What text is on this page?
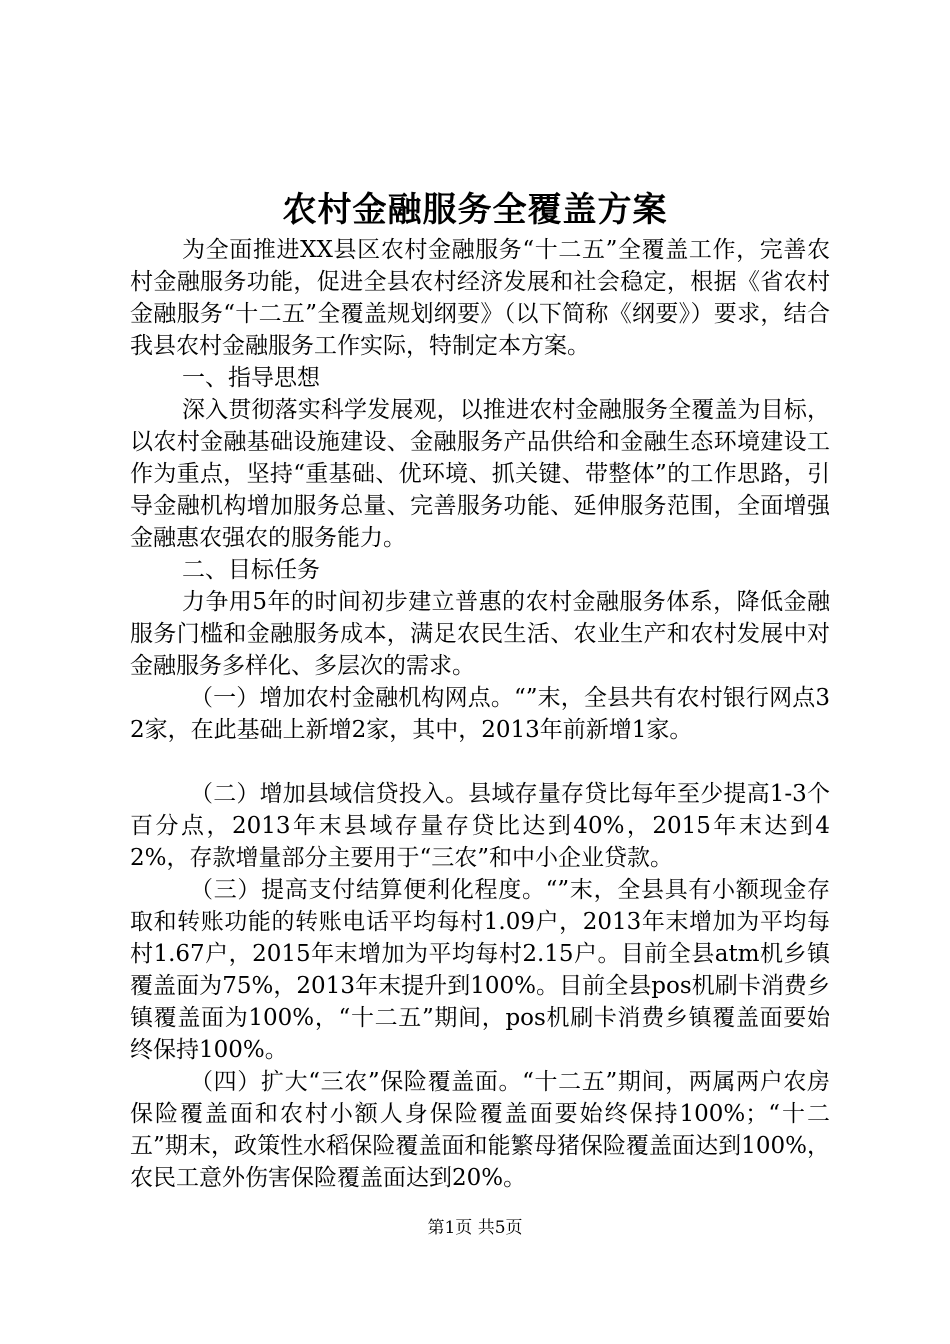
农村金融服务全覆盖方案

为全面推进XX县区农村金融服务“十二五”全覆盖工作，完善农村金融服务功能，促进全县农村经济发展和社会稳定，根据《省农村金融服务“十二五”全覆盖规划纲要》（以下简称《纲要》）要求，结合我县农村金融服务工作实际，特制定本方案。

一、指导思想

深入贯彻落实科学发展观，以推进农村金融服务全覆盖为目标，以农村金融基础设施建设、金融服务产品供给和金融生态环境建设工作为重点，坚持“重基础、优环境、抓关键、带整体”的工作思路，引导金融机构增加服务总量、完善服务功能、延伸服务范围，全面增强金融惠农强农的服务能力。

二、目标任务

力争用5年的时间初步建立普惠的农村金融服务体系，降低金融服务门槛和金融服务成本，满足农民生活、农业生产和农村发展中对金融服务多样化、多层次的需求。

（一）增加农村金融机构网点。“”末，全县共有农村银行网点32家，在此基础上新增2家，其中，2013年前新增1家。

（二）增加县域信贷投入。县域存量存贷比每年至少提高1-3个百分点，2013年末县域存量存贷比达到40%，2015年末达到42%，存款增量部分主要用于“三农”和中小企业贷款。

（三）提高支付结算便利化程度。“”末，全县具有小额现金存取和转账功能的转账电话平均每村1.09户，2013年末增加为平均每村1.67户，2015年末增加为平均每村2.15户。目前全县atm机乡镇覆盖面为75%，2013年末提升到100%。目前全县pos机刷卡消费乡镇覆盖面为100%，“十二五”期间，pos机刷卡消费乡镇覆盖面要始终保持100%。

（四）扩大“三农”保险覆盖面。“十二五”期间，两属两户农房保险覆盖面和农村小额人身保险覆盖面要始终保持100%；“十二五”期末，政策性水稻保险覆盖面和能繁母猪保险覆盖面达到100%，农民工意外伤害保险覆盖面达到20%。

第1页 共5页
